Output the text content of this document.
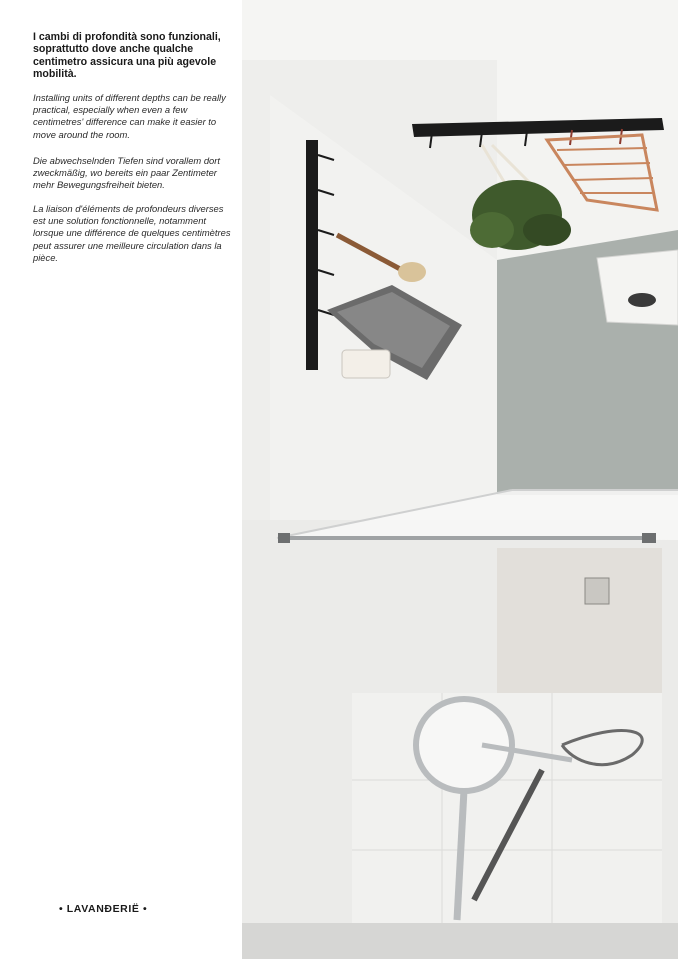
I cambi di profondità sono funzionali, soprattutto dove anche qualche centimetro assicura una più agevole mobilità.
Installing units of different depths can be really practical, especially when even a few centimetres' difference can make it easier to move around the room.
Die abwechselnden Tiefen sind vorallem dort zweckmäßig, wo bereits ein paar Zentimeter mehr Bewegungsfreiheit bieten.
La liaison d'éléments de profondeurs diverses est une solution fonctionnelle, notamment lorsque une différence de quelques centimètres peut assurer une meilleure circulation dans la pièce.
• LAVANÐERIË •
